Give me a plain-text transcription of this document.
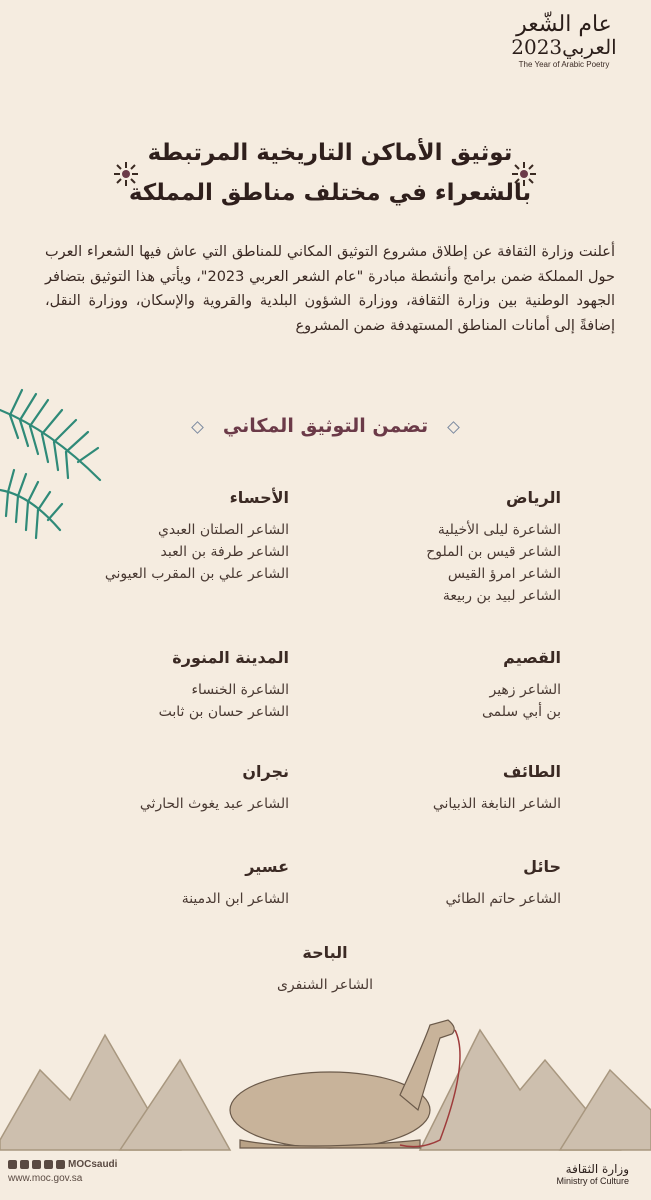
عام الشّعر
العربي2023
The Year of Arabic Poetry
توثيق الأماكن التاريخية المرتبطة
بالشعراء في مختلف مناطق المملكة
أعلنت وزارة الثقافة عن إطلاق مشروع التوثيق المكاني للمناطق التي عاش فيها الشعراء العرب حول المملكة ضمن برامج وأنشطة مبادرة "عام الشعر العربي 2023"، ويأتي هذا التوثيق بتضافر الجهود الوطنية بين وزارة الثقافة، ووزارة الشؤون البلدية والقروية والإسكان، ووزارة النقل، إضافةً إلى أمانات المناطق المستهدفة ضمن المشروع
تضمن التوثيق المكاني
الرياض
الشاعرة ليلى الأخيلية
الشاعر قيس بن الملوح
الشاعر امرؤ القيس
الشاعر لبيد بن ربيعة
القصيم
الشاعر زهير
بن أبي سلمى
الطائف
الشاعر النابغة الذبياني
حائل
الشاعر حاتم الطائي
الأحساء
الشاعر الصلتان العبدي
الشاعر طرفة بن العبد
الشاعر علي بن المقرب العيوني
المدينة المنورة
الشاعرة الخنساء
الشاعر حسان بن ثابت
نجران
الشاعر عبد يغوث الحارثي
عسير
الشاعر ابن الدمينة
الباحة
الشاعر الشنفرى
MOCsaudi
www.moc.gov.sa
وزارة الثقافة
Ministry of Culture
